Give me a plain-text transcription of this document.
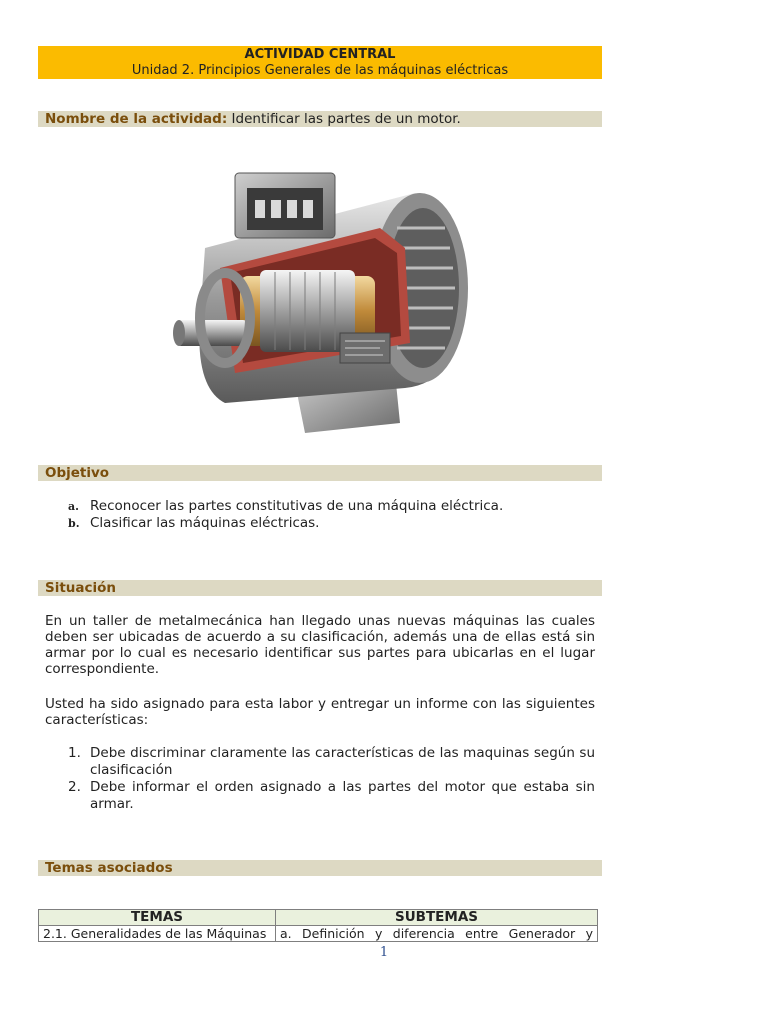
ACTIVIDAD CENTRAL
Unidad 2. Principios Generales de las máquinas eléctricas
Nombre de la actividad: Identificar las partes de un motor.
Objetivo
a. Reconocer las partes constitutivas de una máquina eléctrica.
b. Clasificar las máquinas eléctricas.
Situación
En un taller de metalmecánica han llegado unas nuevas máquinas las cuales deben ser ubicadas de acuerdo a su clasificación, además una de ellas está sin armar por lo cual es necesario identificar sus partes para ubicarlas en el lugar correspondiente.
Usted ha sido asignado para esta labor y entregar un informe con las siguientes características:
1. Debe discriminar claramente las características de las maquinas según su clasificación
2. Debe informar el orden asignado a las partes del motor que estaba sin armar.
Temas asociados
TEMAS	SUBTEMAS
2.1. Generalidades de las Máquinas	a. Definición y diferencia entre Generador y
1
